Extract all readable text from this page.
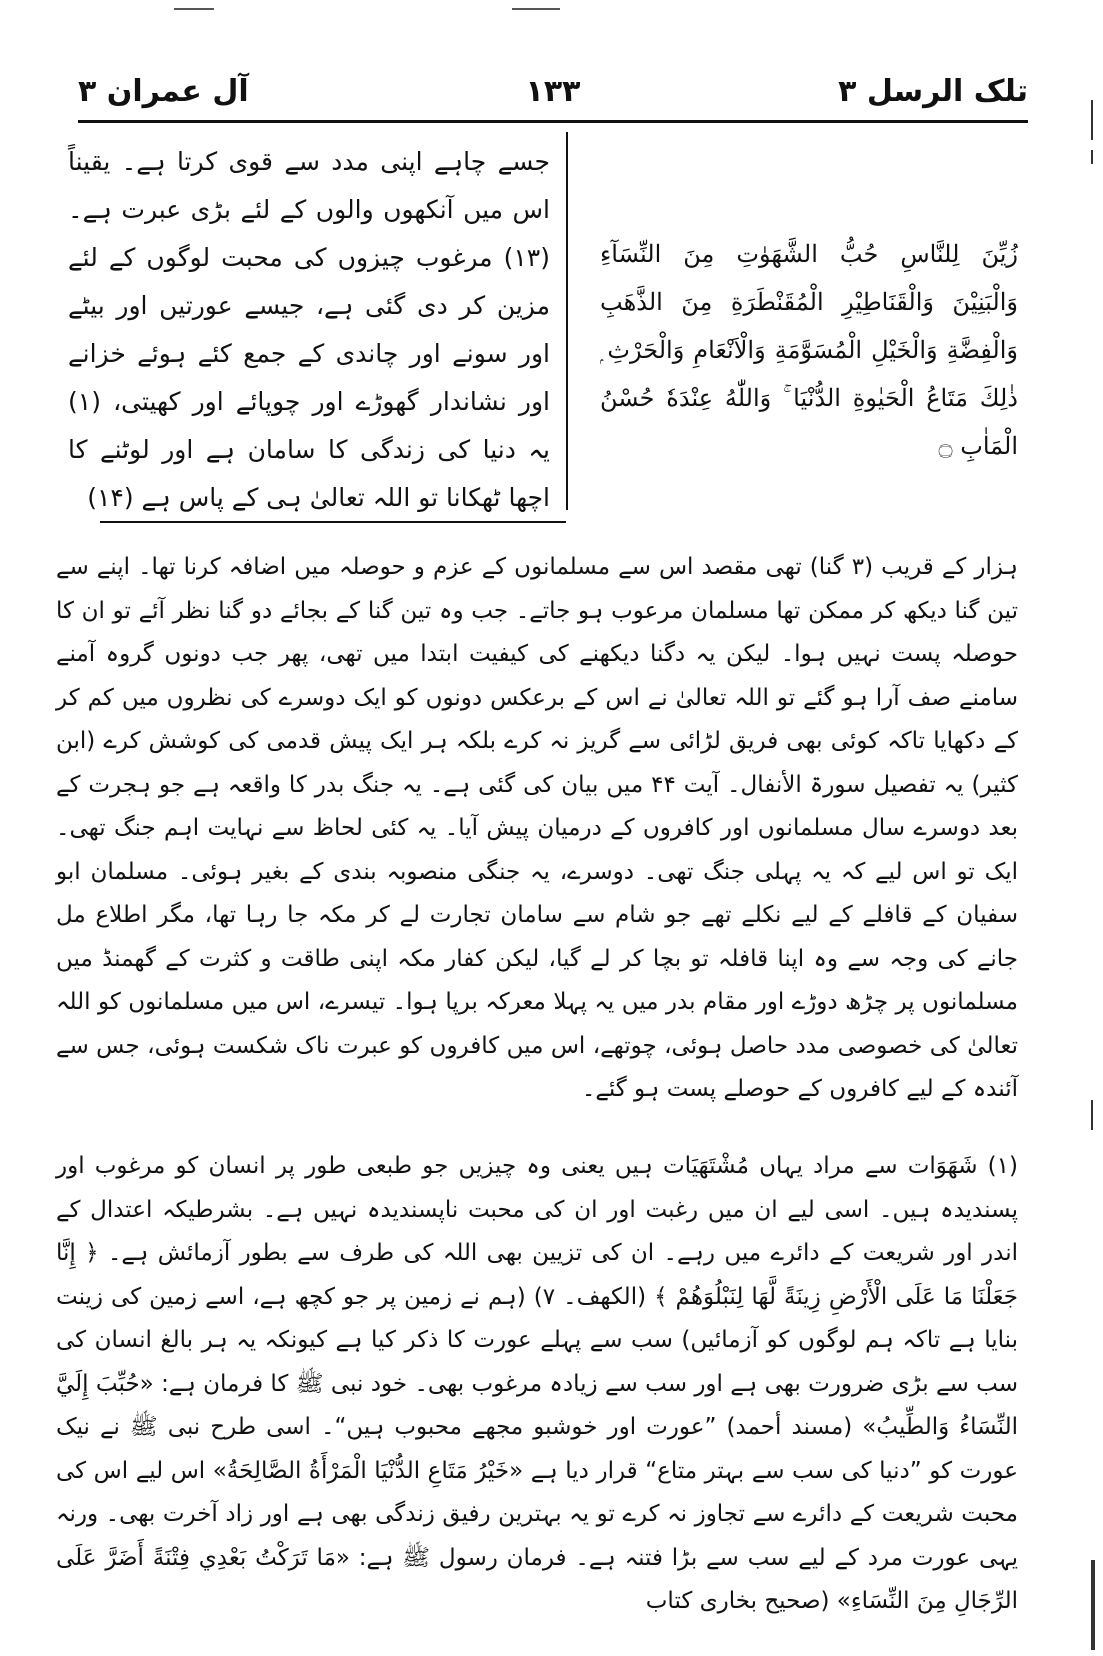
آل عمران ۳	۱۳۳	تلک الرسل ۳
جسے چاہے اپنی مدد سے قوی کرتا ہے۔ یقیناً اس میں آنکھوں والوں کے لئے بڑی عبرت ہے۔(۱۳) مرغوب چیزوں کی محبت لوگوں کے لئے مزین کر دی گئی ہے، جیسے عورتیں اور بیٹے اور سونے اور چاندی کے جمع کئے ہوئے خزانے اور نشاندار گھوڑے اور چوپائے اور کھیتی، (۱) یہ دنیا کی زندگی کا سامان ہے اور لوٹنے کا اچھا ٹھکانا تو اللہ تعالیٰ ہی کے پاس ہے (۱۴)
زُيِّنَ لِلنَّاسِ حُبُّ الشَّهَوٰتِ مِنَ النِّسَآءِ وَالْبَنِيْنَ وَالْقَنَاطِيْرِ الْمُقَنْطَرَةِ مِنَ الذَّهَبِ وَالْفِضَّةِ وَالْخَيْلِ الْمُسَوَّمَةِ وَالْاَنْعَامِ وَالْحَرْثِ ۭ ذٰلِكَ مَتَاعُ الْحَيٰوةِ الدُّنْيَا ۚ وَاللّٰهُ عِنْدَهٗ حُسْنُ الْمَاٰبِ ۝

ہزار کے قریب (۳ گنا) تھی مقصد اس سے مسلمانوں کے عزم و حوصلہ میں اضافہ کرنا تھا۔ اپنے سے تین گنا دیکھ کر ممکن تھا مسلمان مرعوب ہو جاتے۔ جب وہ تین گنا کے بجائے دو گنا نظر آئے تو ان کا حوصلہ پست نہیں ہوا۔ لیکن یہ دگنا دیکھنے کی کیفیت ابتدا میں تھی، پھر جب دونوں گروہ آمنے سامنے صف آرا ہو گئے تو اللہ تعالیٰ نے اس کے برعکس دونوں کو ایک دوسرے کی نظروں میں کم کر کے دکھایا تاکہ کوئی بھی فریق لڑائی سے گریز نہ کرے بلکہ ہر ایک پیش قدمی کی کوشش کرے (ابن کثیر) یہ تفصیل سورۃ الأنفال۔ آیت ۴۴ میں بیان کی گئی ہے۔ یہ جنگ بدر کا واقعہ ہے جو ہجرت کے بعد دوسرے سال مسلمانوں اور کافروں کے درمیان پیش آیا۔ یہ کئی لحاظ سے نہایت اہم جنگ تھی۔ ایک تو اس لیے کہ یہ پہلی جنگ تھی۔ دوسرے، یہ جنگی منصوبہ بندی کے بغیر ہوئی۔ مسلمان ابو سفیان کے قافلے کے لیے نکلے تھے جو شام سے سامان تجارت لے کر مکہ جا رہا تھا، مگر اطلاع مل جانے کی وجہ سے وہ اپنا قافلہ تو بچا کر لے گیا، لیکن کفار مکہ اپنی طاقت و کثرت کے گھمنڈ میں مسلمانوں پر چڑھ دوڑے اور مقام بدر میں یہ پہلا معرکہ برپا ہوا۔ تیسرے، اس میں مسلمانوں کو اللہ تعالیٰ کی خصوصی مدد حاصل ہوئی، چوتھے، اس میں کافروں کو عبرت ناک شکست ہوئی، جس سے آئندہ کے لیے کافروں کے حوصلے پست ہو گئے۔

(۱) شَهَوَات سے مراد یہاں مُشْتَهَيَات ہیں یعنی وہ چیزیں جو طبعی طور پر انسان کو مرغوب اور پسندیدہ ہیں۔ اسی لیے ان میں رغبت اور ان کی محبت ناپسندیدہ نہیں ہے۔ بشرطیکہ اعتدال کے اندر اور شریعت کے دائرے میں رہے۔ ان کی تزیین بھی اللہ کی طرف سے بطور آزمائش ہے۔ ﴿ إِنَّا جَعَلْنَا مَا عَلَى الْأَرْضِ زِينَةً لَّهَا لِنَبْلُوَهُمْ ﴾ (الکھف۔ ۷) (ہم نے زمین پر جو کچھ ہے، اسے زمین کی زینت بنایا ہے تاکہ ہم لوگوں کو آزمائیں) سب سے پہلے عورت کا ذکر کیا ہے کیونکہ یہ ہر بالغ انسان کی سب سے بڑی ضرورت بھی ہے اور سب سے زیادہ مرغوب بھی۔ خود نبی ﷺ کا فرمان ہے: «حُبِّبَ إِلَيَّ النِّسَاءُ وَالطِّيبُ» (مسند أحمد) ”عورت اور خوشبو مجھے محبوب ہیں“۔ اسی طرح نبی ﷺ نے نیک عورت کو ”دنیا کی سب سے بہتر متاع“ قرار دیا ہے «خَيْرُ مَتَاعِ الدُّنْيَا الْمَرْأَةُ الصَّالِحَةُ» اس لیے اس کی محبت شریعت کے دائرے سے تجاوز نہ کرے تو یہ بہترین رفیق زندگی بھی ہے اور زاد آخرت بھی۔ ورنہ یہی عورت مرد کے لیے سب سے بڑا فتنہ ہے۔ فرمان رسول ﷺ ہے: «مَا تَرَكْتُ بَعْدِي فِتْنَةً أَضَرَّ عَلَى الرِّجَالِ مِنَ النِّسَاءِ» (صحیح بخاری کتاب
